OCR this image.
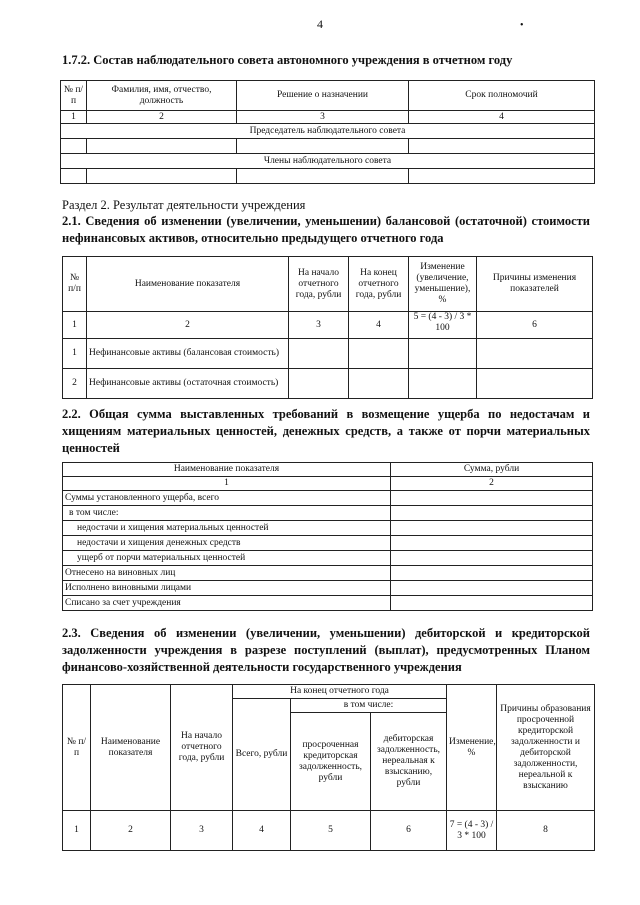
4	•
1.7.2. Состав наблюдательного совета автономного учреждения в отчетном году
№ п/п	Фамилия, имя, отчество, должность	Решение о назначении	Срок полномочий
1	2	3	4
Председатель наблюдательного совета			

Члены наблюдательного совета			

Раздел 2. Результат деятельности учреждения
2.1. Сведения об изменении (увеличении, уменьшении) балансовой (остаточной) стоимости нефинансовых активов, относительно предыдущего отчетного года
№ п/п	Наименование показателя	На начало отчетного года, рубли	На конец отчетного года, рубли	Изменение (увеличение, уменьшение), %	Причины изменения показателей
1	2	3	4	5 = (4 - 3) / 3 * 100	6
1	Нефинансовые активы (балансовая стоимость)				
2	Нефинансовые активы (остаточная стоимость)				
2.2. Общая сумма выставленных требований в возмещение ущерба по недостачам и хищениям материальных ценностей, денежных средств, а также от порчи материальных ценностей
Наименование показателя	Сумма, рубли
1	2
Суммы установленного ущерба, всего	
в том числе:	
недостачи и хищения материальных ценностей	
недостачи и хищения денежных средств	
ущерб от порчи материальных ценностей	
Отнесено на виновных лиц	
Исполнено виновными лицами	
Списано за счет учреждения	
2.3. Сведения об изменении (увеличении, уменьшении) дебиторской и кредиторской задолженности учреждения в разрезе поступлений (выплат), предусмотренных Планом финансово-хозяйственной деятельности государственного учреждения
№ п/п	Наименование показателя	На начало отчетного года, рубли	На конец отчетного года			Изменение, %	Причины образования просроченной кредиторской задолженности и дебиторской задолженности, нереальной к взысканию
			Всего, рубли	в том числе:			
				просроченная кредиторская задолженность, рубли	дебиторская задолженность, нереальная к взысканию, рубли		
1	2	3	4	5	6	7 = (4 - 3) / 3 * 100	8
